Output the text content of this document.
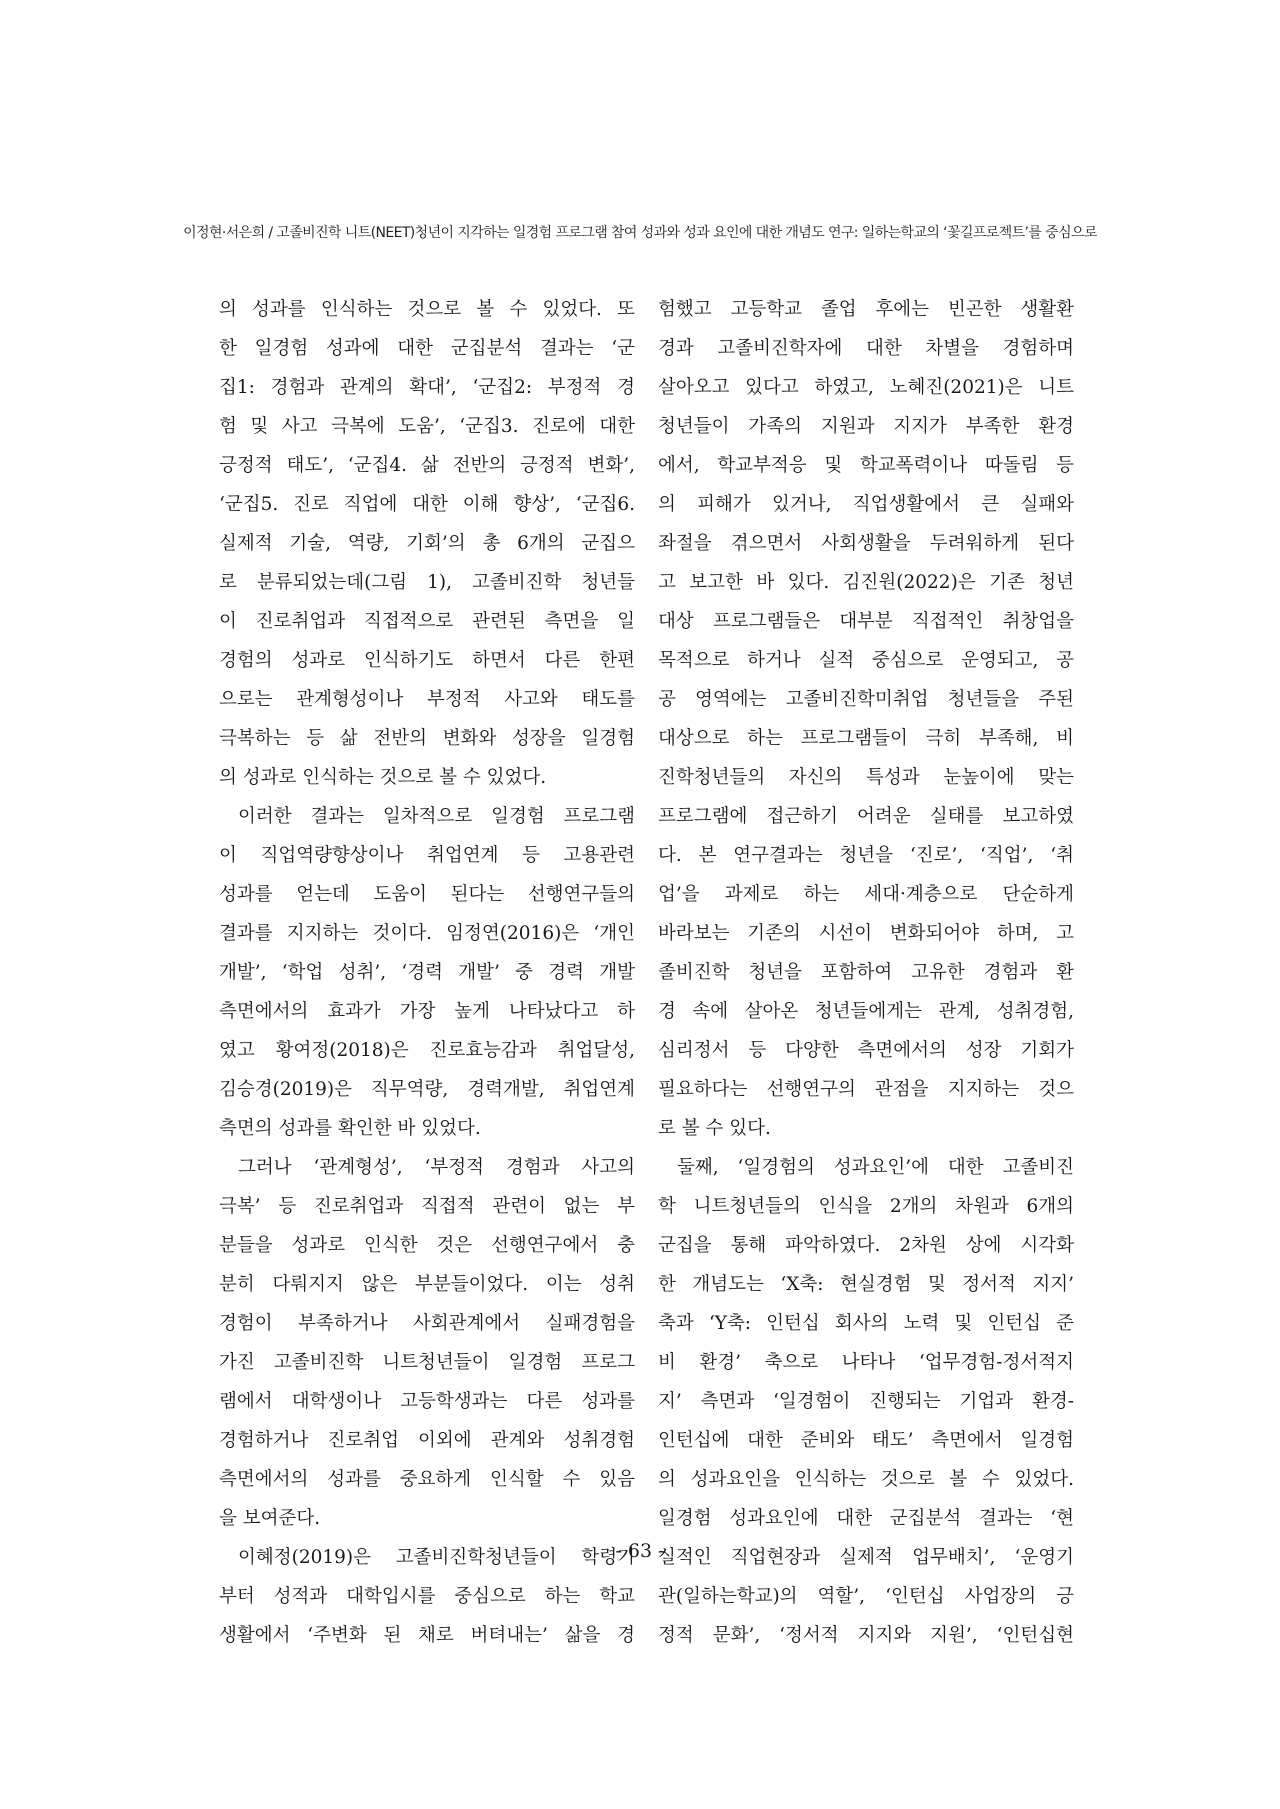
이정현·서은희 / 고졸비진학 니트(NEET)청년이 지각하는 일경험 프로그램 참여 성과와 성과 요인에 대한 개념도 연구: 일하는학교의 ‘꽃길프로젝트’를 중심으로
의 성과를 인식하는 것으로 볼 수 있었다. 또
한 일경험 성과에 대한 군집분석 결과는 ‘군
집1: 경험과 관계의 확대’, ‘군집2: 부정적 경
험 및 사고 극복에 도움’, ‘군집3. 진로에 대한
긍정적 태도’, ‘군집4. 삶 전반의 긍정적 변화’,
‘군집5. 진로 직업에 대한 이해 향상’, ‘군집6.
실제적 기술, 역량, 기회’의 총 6개의 군집으
로 분류되었는데(그림 1), 고졸비진학 청년들
이 진로취업과 직접적으로 관련된 측면을 일
경험의 성과로 인식하기도 하면서 다른 한편
으로는 관계형성이나 부정적 사고와 태도를
극복하는 등 삶 전반의 변화와 성장을 일경험
의 성과로 인식하는 것으로 볼 수 있었다.
이러한 결과는 일차적으로 일경험 프로그램
이 직업역량향상이나 취업연계 등 고용관련
성과를 얻는데 도움이 된다는 선행연구들의
결과를 지지하는 것이다. 임정연(2016)은 ‘개인
개발’, ‘학업 성취’, ‘경력 개발’ 중 경력 개발
측면에서의 효과가 가장 높게 나타났다고 하
였고 황여정(2018)은 진로효능감과 취업달성,
김승경(2019)은 직무역량, 경력개발, 취업연계
측면의 성과를 확인한 바 있었다.
그러나 ‘관계형성’, ‘부정적 경험과 사고의
극복’ 등 진로취업과 직접적 관련이 없는 부
분들을 성과로 인식한 것은 선행연구에서 충
분히 다뤄지지 않은 부분들이었다. 이는 성취
경험이 부족하거나 사회관계에서 실패경험을
가진 고졸비진학 니트청년들이 일경험 프로그
램에서 대학생이나 고등학생과는 다른 성과를
경험하거나 진로취업 이외에 관계와 성취경험
측면에서의 성과를 중요하게 인식할 수 있음
을 보여준다.
이혜정(2019)은 고졸비진학청년들이 학령기
부터 성적과 대학입시를 중심으로 하는 학교
생활에서 ‘주변화 된 채로 버텨내는’ 삶을 경
험했고 고등학교 졸업 후에는 빈곤한 생활환
경과 고졸비진학자에 대한 차별을 경험하며
살아오고 있다고 하였고, 노혜진(2021)은 니트
청년들이 가족의 지원과 지지가 부족한 환경
에서, 학교부적응 및 학교폭력이나 따돌림 등
의 피해가 있거나, 직업생활에서 큰 실패와
좌절을 겪으면서 사회생활을 두려워하게 된다
고 보고한 바 있다. 김진원(2022)은 기존 청년
대상 프로그램들은 대부분 직접적인 취창업을
목적으로 하거나 실적 중심으로 운영되고, 공
공 영역에는 고졸비진학미취업 청년들을 주된
대상으로 하는 프로그램들이 극히 부족해, 비
진학청년들의 자신의 특성과 눈높이에 맞는
프로그램에 접근하기 어려운 실태를 보고하였
다. 본 연구결과는 청년을 ‘진로’, ‘직업’, ‘취
업’을 과제로 하는 세대·계층으로 단순하게
바라보는 기존의 시선이 변화되어야 하며, 고
졸비진학 청년을 포함하여 고유한 경험과 환
경 속에 살아온 청년들에게는 관계, 성취경험,
심리정서 등 다양한 측면에서의 성장 기회가
필요하다는 선행연구의 관점을 지지하는 것으
로 볼 수 있다.
둘째, ‘일경험의 성과요인’에 대한 고졸비진
학 니트청년들의 인식을 2개의 차원과 6개의
군집을 통해 파악하였다. 2차원 상에 시각화
한 개념도는 ‘X축: 현실경험 및 정서적 지지’
축과 ‘Y축: 인턴십 회사의 노력 및 인턴십 준
비 환경’ 축으로 나타나 ‘업무경험-정서적지
지’ 측면과 ‘일경험이 진행되는 기업과 환경-
인턴십에 대한 준비와 태도’ 측면에서 일경험
의 성과요인을 인식하는 것으로 볼 수 있었다.
일경험 성과요인에 대한 군집분석 결과는 ‘현
실적인 직업현장과 실제적 업무배치’, ‘운영기
관(일하는학교)의 역할’, ‘인턴십 사업장의 긍
정적 문화’, ‘정서적 지지와 지원’, ‘인턴십현
- 63 -
